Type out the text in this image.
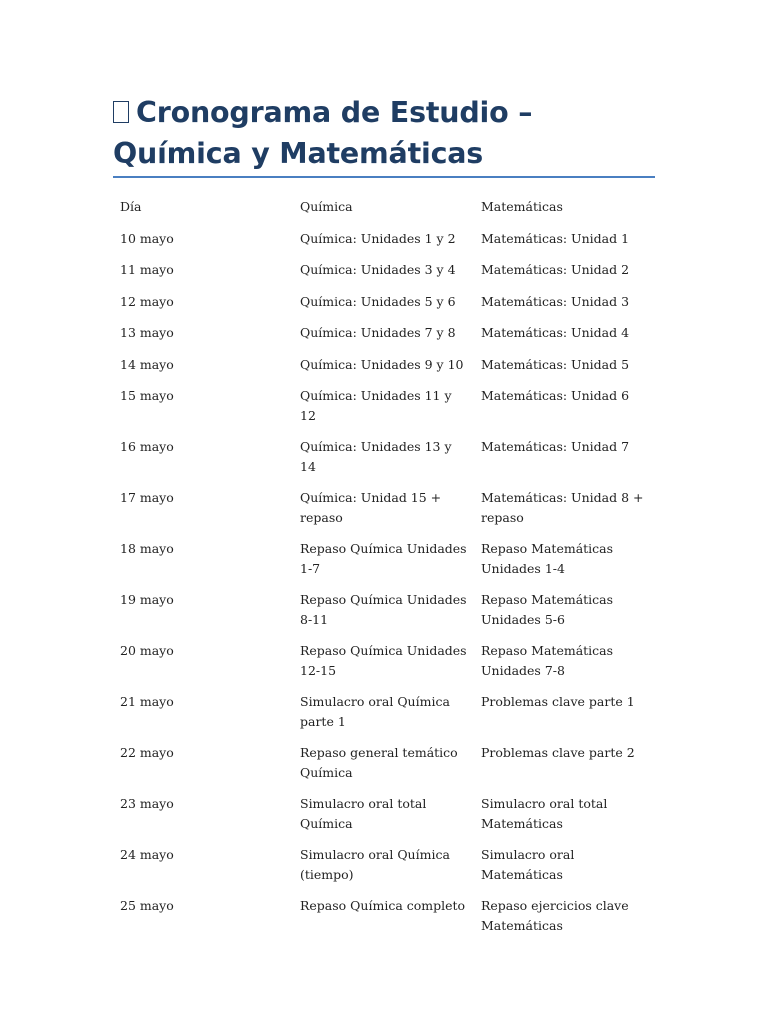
Cronograma de Estudio – Química y Matemáticas
Día	Química	Matemáticas
10 mayo	Química: Unidades 1 y 2	Matemáticas: Unidad 1
11 mayo	Química: Unidades 3 y 4	Matemáticas: Unidad 2
12 mayo	Química: Unidades 5 y 6	Matemáticas: Unidad 3
13 mayo	Química: Unidades 7 y 8	Matemáticas: Unidad 4
14 mayo	Química: Unidades 9 y 10	Matemáticas: Unidad 5
15 mayo	Química: Unidades 11 y 12	Matemáticas: Unidad 6
16 mayo	Química: Unidades 13 y 14	Matemáticas: Unidad 7
17 mayo	Química: Unidad 15 + repaso	Matemáticas: Unidad 8 + repaso
18 mayo	Repaso Química Unidades 1-7	Repaso Matemáticas Unidades 1-4
19 mayo	Repaso Química Unidades 8-11	Repaso Matemáticas Unidades 5-6
20 mayo	Repaso Química Unidades 12-15	Repaso Matemáticas Unidades 7-8
21 mayo	Simulacro oral Química parte 1	Problemas clave parte 1
22 mayo	Repaso general temático Química	Problemas clave parte 2
23 mayo	Simulacro oral total Química	Simulacro oral total Matemáticas
24 mayo	Simulacro oral Química (tiempo)	Simulacro oral Matemáticas
25 mayo	Repaso Química completo	Repaso ejercicios clave Matemáticas
